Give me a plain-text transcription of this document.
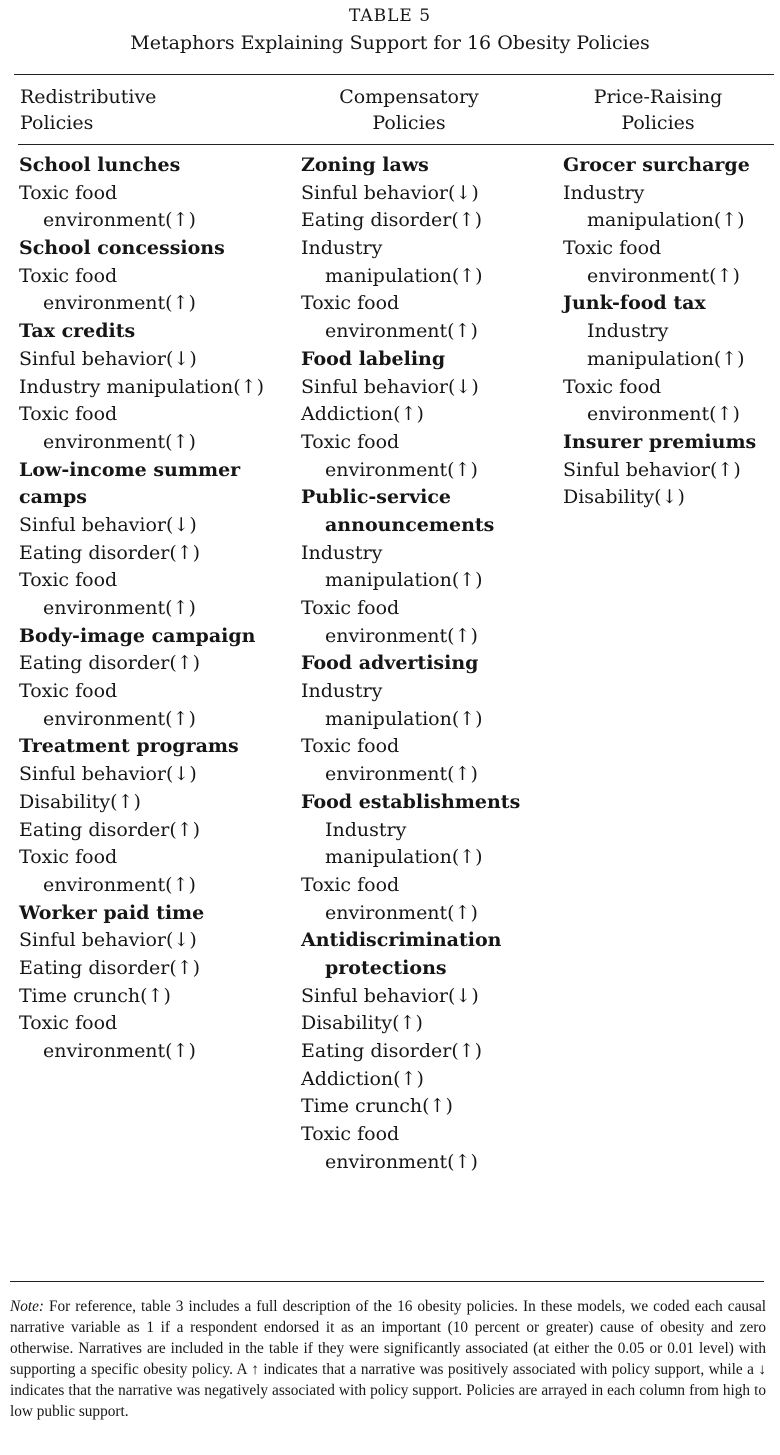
TABLE 5
Metaphors Explaining Support for 16 Obesity Policies
Redistributive
Policies
Compensatory
Policies
Price-Raising
Policies
School lunches
Toxic food
environment(↑)
School concessions
Toxic food
environment(↑)
Tax credits
Sinful behavior(↓)
Industry manipulation(↑)
Toxic food
environment(↑)
Low-income summer
camps
Sinful behavior(↓)
Eating disorder(↑)
Toxic food
environment(↑)
Body-image campaign
Eating disorder(↑)
Toxic food
environment(↑)
Treatment programs
Sinful behavior(↓)
Disability(↑)
Eating disorder(↑)
Toxic food
environment(↑)
Worker paid time
Sinful behavior(↓)
Eating disorder(↑)
Time crunch(↑)
Toxic food
environment(↑)
Zoning laws
Sinful behavior(↓)
Eating disorder(↑)
Industry
manipulation(↑)
Toxic food
environment(↑)
Food labeling
Sinful behavior(↓)
Addiction(↑)
Toxic food
environment(↑)
Public-service
announcements
Industry
manipulation(↑)
Toxic food
environment(↑)
Food advertising
Industry
manipulation(↑)
Toxic food
environment(↑)
Food establishments
Industry
manipulation(↑)
Toxic food
environment(↑)
Antidiscrimination
protections
Sinful behavior(↓)
Disability(↑)
Eating disorder(↑)
Addiction(↑)
Time crunch(↑)
Toxic food
environment(↑)
Grocer surcharge
Industry
manipulation(↑)
Toxic food
environment(↑)
Junk-food tax
Industry
manipulation(↑)
Toxic food
environment(↑)
Insurer premiums
Sinful behavior(↑)
Disability(↓)
Note: For reference, table 3 includes a full description of the 16 obesity policies. In these models, we coded each causal narrative variable as 1 if a respondent endorsed it as an important (10 percent or greater) cause of obesity and zero otherwise. Narratives are included in the table if they were significantly associated (at either the 0.05 or 0.01 level) with supporting a specific obesity policy. A ↑ indicates that a narrative was positively associated with policy support, while a ↓ indicates that the narrative was negatively associated with policy support. Policies are arrayed in each column from high to low public support.
